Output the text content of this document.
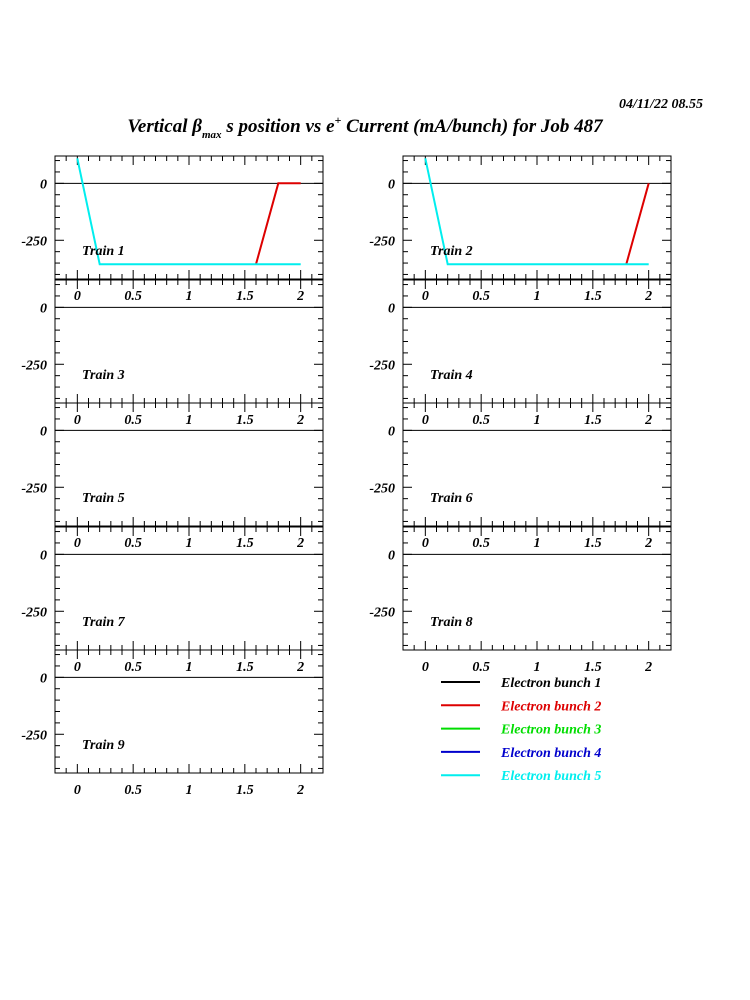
04/11/22 08.55
Vertical $\beta_{max}$ s position vs e+ Current (mA/bunch) for Job 487
0
-250
0	0.5	1	1.5	2
Train 1
0
-250
0	0.5	1	1.5	2
Train 2
0
-250
0	0.5	1	1.5	2
Train 3
0
-250
0	0.5	1	1.5	2
Train 4
0
-250
0	0.5	1	1.5	2
Train 5
0
-250
0	0.5	1	1.5	2
Train 6
0
-250
0	0.5	1	1.5	2
Train 7
0
-250
0	0.5	1	1.5	2
Train 8
0
-250
0	0.5	1	1.5	2
Train 9
Electron bunch 1
Electron bunch 2
Electron bunch 3
Electron bunch 4
Electron bunch 5
